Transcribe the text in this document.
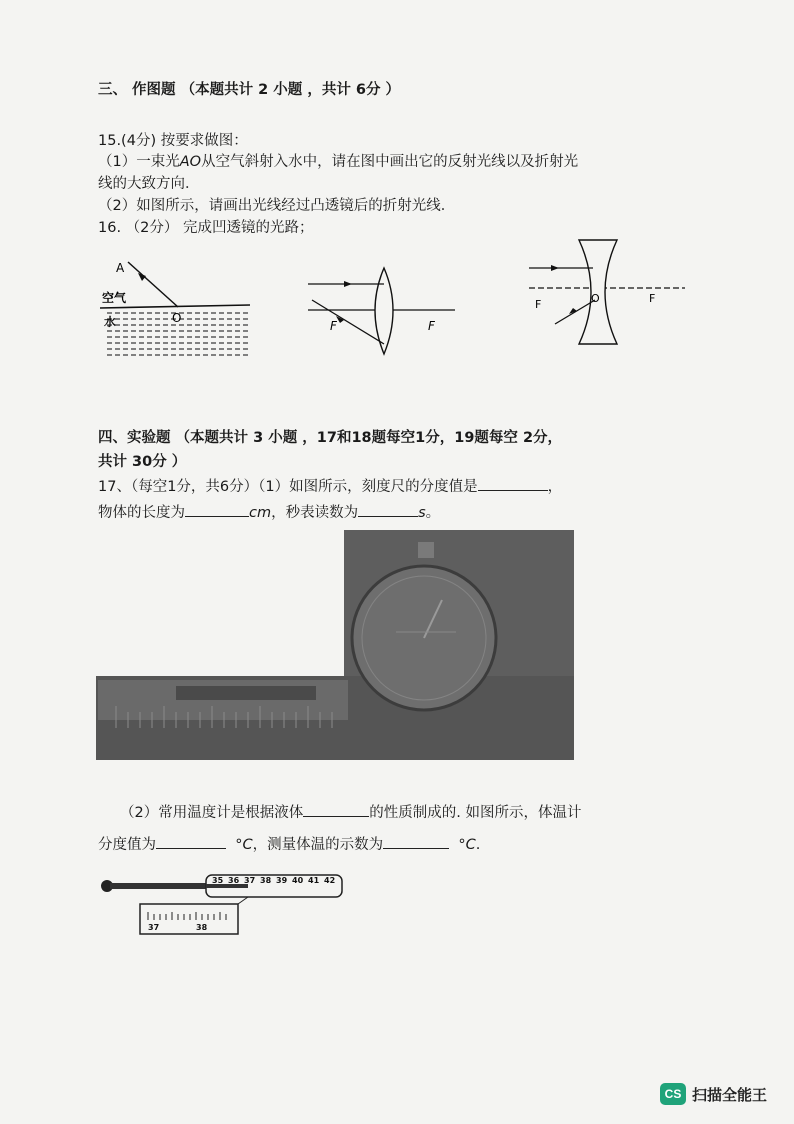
三、 作图题 （本题共计 2 小题 ，共计 6分 ）
15.(4分) 按要求做图：
（1）一束光AO从空气斜射入水中，请在图中画出它的反射光线以及折射光
线的大致方向．
（2）如图所示，请画出光线经过凸透镜后的折射光线．
16. （2分） 完成凹透镜的光路；
A
空气
水	O
F	F
F	O	F
四、实验题 （本题共计 3 小题 ，17和18题每空1分，19题每空 2分，
共计 30分 ）
17、（每空1分，共6分）（1）如图所示，刻度尺的分度值是	，
物体的长度为	cm，秒表读数为	s。
（2）常用温度计是根据液体	的性质制成的. 如图所示，体温计
分度值为	°C，测量体温的示数为	°C.
35 36 37 38 39 40 41 42
37	38
CS 扫描全能王
